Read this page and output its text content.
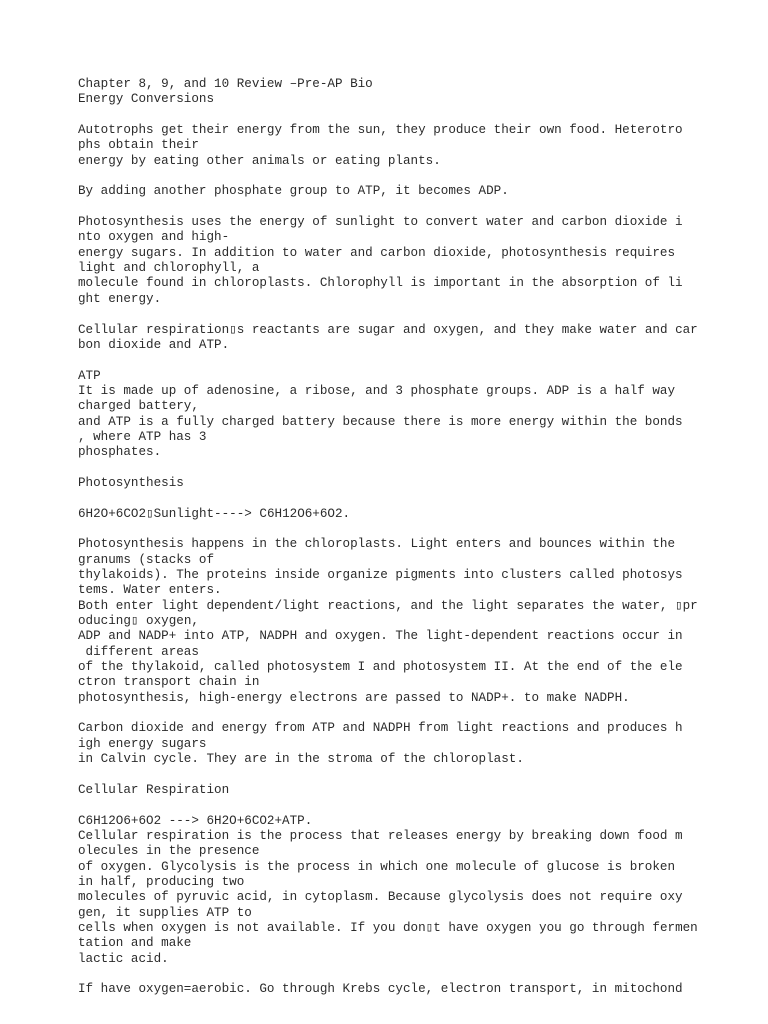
Chapter 8, 9, and 10 Review –Pre-AP Bio
Energy Conversions
Autotrophs get their energy from the sun, they produce their own food. Heterotro
phs obtain their
energy by eating other animals or eating plants.
By adding another phosphate group to ATP, it becomes ADP.
Photosynthesis uses the energy of sunlight to convert water and carbon dioxide i
nto oxygen and high-
energy sugars. In addition to water and carbon dioxide, photosynthesis requires
light and chlorophyll, a
molecule found in chloroplasts. Chlorophyll is important in the absorption of li
ght energy.
Cellular respiration▯s reactants are sugar and oxygen, and they make water and car
bon dioxide and ATP.
ATP
It is made up of adenosine, a ribose, and 3 phosphate groups. ADP is a half way
charged battery,
and ATP is a fully charged battery because there is more energy within the bonds
, where ATP has 3
phosphates.
Photosynthesis
6H2O+6CO2▯Sunlight----> C6H12O6+6O2.
Photosynthesis happens in the chloroplasts. Light enters and bounces within the
granums (stacks of
thylakoids). The proteins inside organize pigments into clusters called photosys
tems. Water enters.
Both enter light dependent/light reactions, and the light separates the water, ▯pr
oducing▯ oxygen,
ADP and NADP+ into ATP, NADPH and oxygen. The light-dependent reactions occur in
different areas
of the thylakoid, called photosystem I and photosystem II. At the end of the ele
ctron transport chain in
photosynthesis, high-energy electrons are passed to NADP+. to make NADPH.
Carbon dioxide and energy from ATP and NADPH from light reactions and produces h
igh energy sugars
in Calvin cycle. They are in the stroma of the chloroplast.
Cellular Respiration
C6H12O6+6O2 ---> 6H2O+6CO2+ATP.
Cellular respiration is the process that releases energy by breaking down food m
olecules in the presence
of oxygen. Glycolysis is the process in which one molecule of glucose is broken
in half, producing two
molecules of pyruvic acid, in cytoplasm. Because glycolysis does not require oxy
gen, it supplies ATP to
cells when oxygen is not available. If you don▯t have oxygen you go through fermen
tation and make
lactic acid.
If have oxygen=aerobic. Go through Krebs cycle, electron transport, in mitochond
